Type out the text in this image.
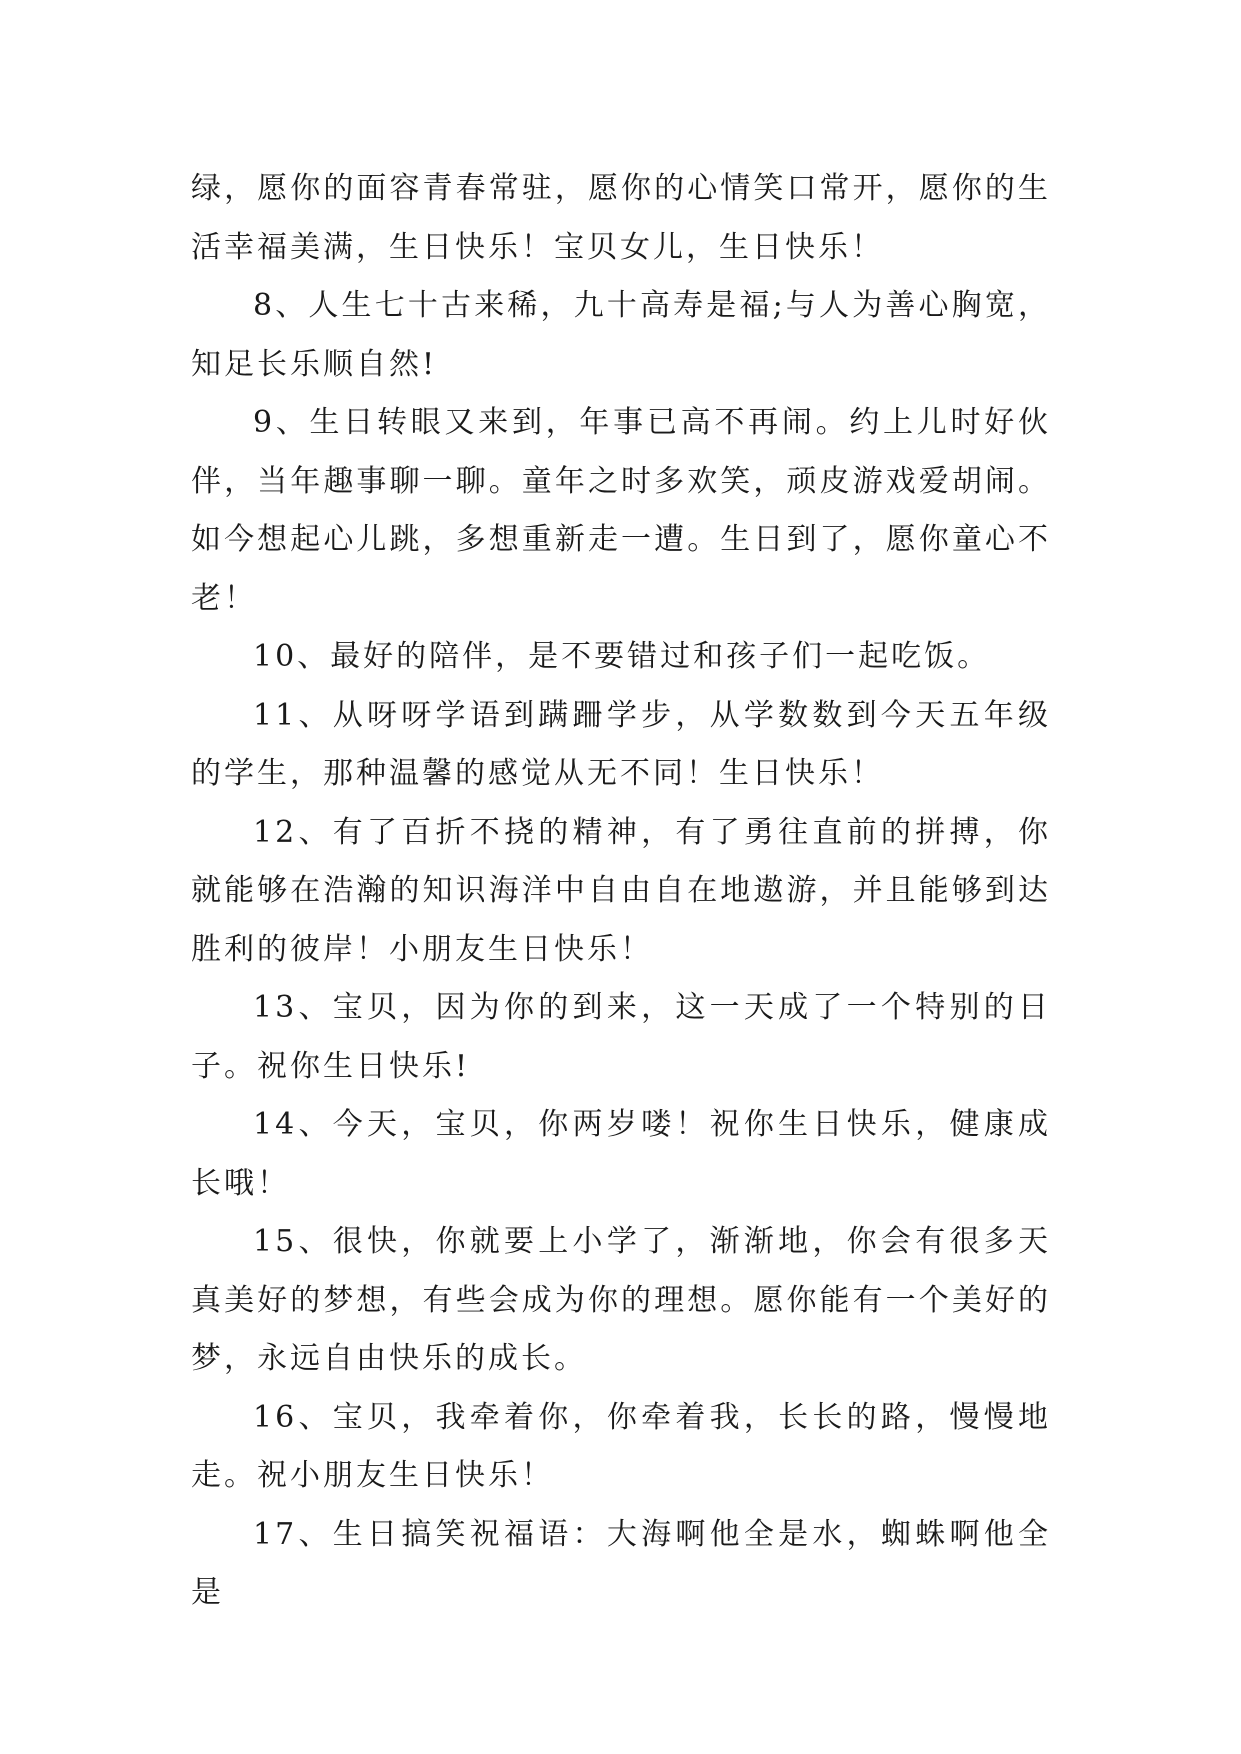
绿，愿你的面容青春常驻，愿你的心情笑口常开，愿你的生活幸福美满，生日快乐！宝贝女儿，生日快乐！

8、人生七十古来稀，九十高寿是福;与人为善心胸宽，知足长乐顺自然!

9、生日转眼又来到，年事已高不再闹。约上儿时好伙伴，当年趣事聊一聊。童年之时多欢笑，顽皮游戏爱胡闹。如今想起心儿跳，多想重新走一遭。生日到了，愿你童心不老！

10、最好的陪伴，是不要错过和孩子们一起吃饭。

11、从呀呀学语到蹒跚学步，从学数数到今天五年级的学生，那种温馨的感觉从无不同！生日快乐！

12、有了百折不挠的精神，有了勇往直前的拼搏，你就能够在浩瀚的知识海洋中自由自在地遨游，并且能够到达胜利的彼岸！小朋友生日快乐！

13、宝贝，因为你的到来，这一天成了一个特别的日子。祝你生日快乐!

14、今天，宝贝，你两岁喽！祝你生日快乐，健康成长哦！

15、很快，你就要上小学了，渐渐地，你会有很多天真美好的梦想，有些会成为你的理想。愿你能有一个美好的梦，永远自由快乐的成长。

16、宝贝，我牵着你，你牵着我，长长的路，慢慢地走。祝小朋友生日快乐！

17、生日搞笑祝福语：大海啊他全是水，蜘蛛啊他全是
